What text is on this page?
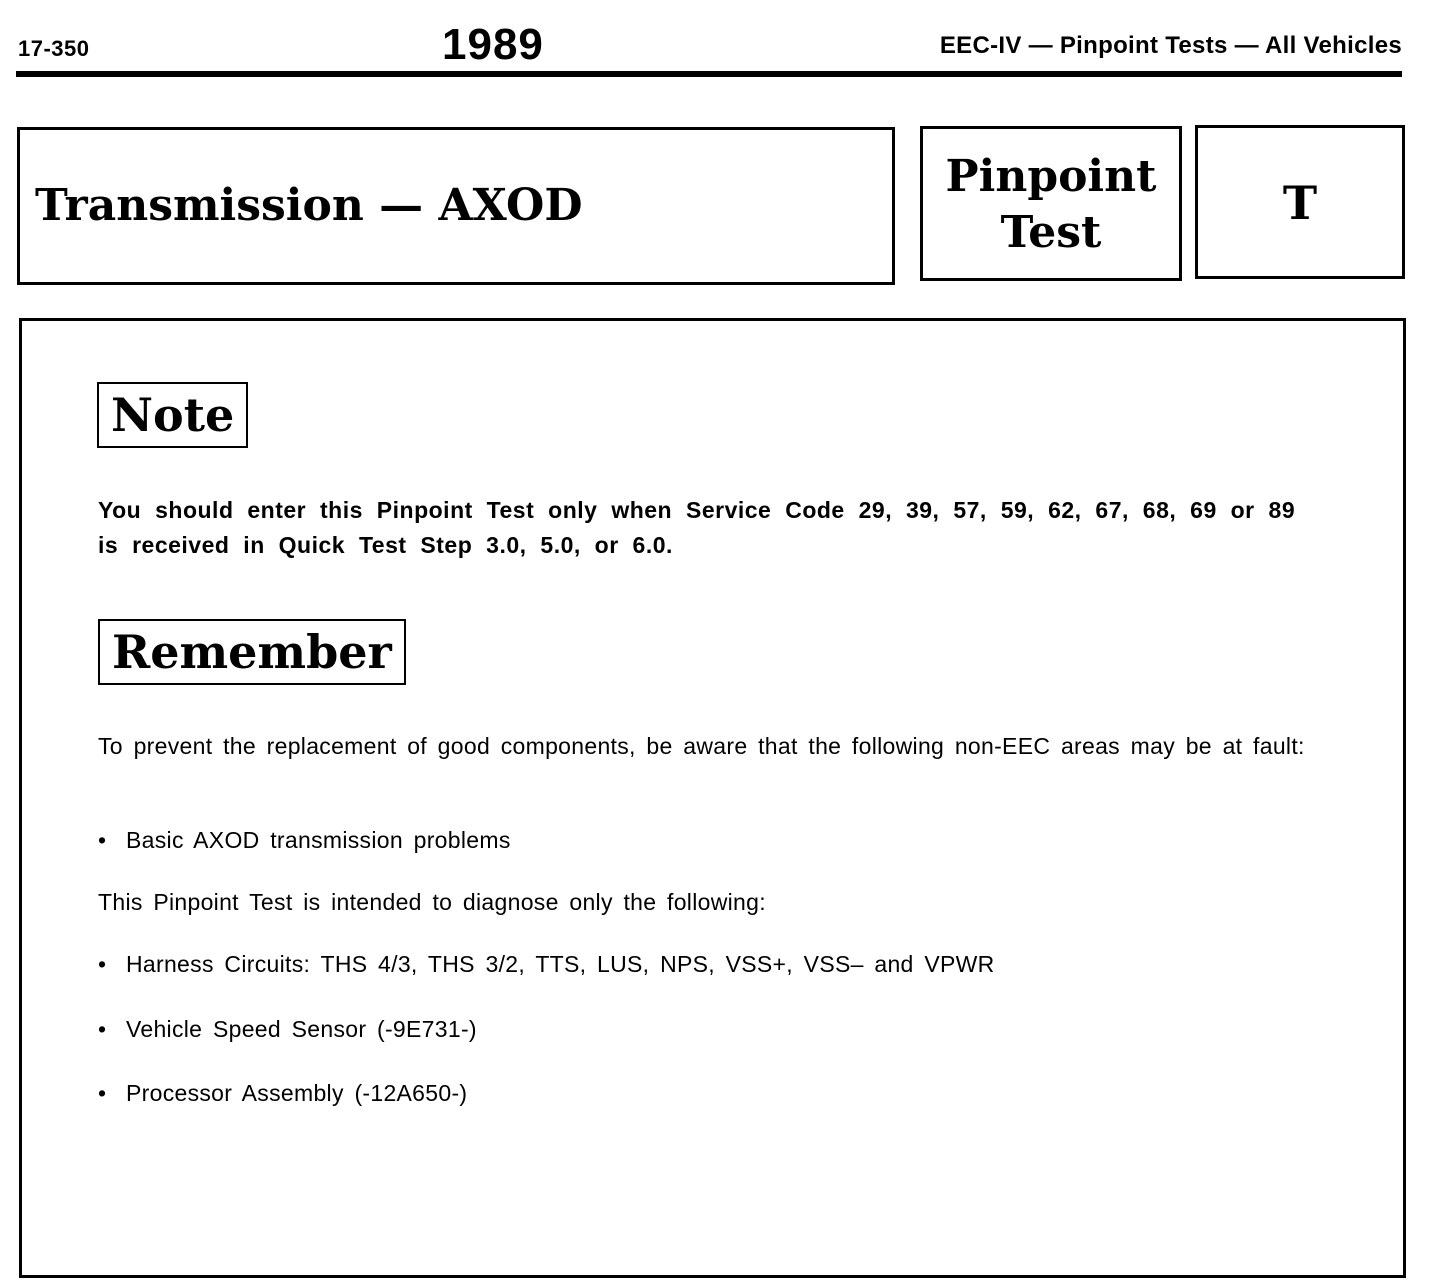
17-350	1989	EEC-IV — Pinpoint Tests — All Vehicles
Transmission — AXOD
Pinpoint
Test
T
Note
You should enter this Pinpoint Test only when Service Code 29, 39, 57, 59, 62, 67, 68, 69 or 89 is received in Quick Test Step 3.0, 5.0, or 6.0.
Remember
To prevent the replacement of good components, be aware that the following non-EEC areas may be at fault:
• Basic AXOD transmission problems
This Pinpoint Test is intended to diagnose only the following:
• Harness Circuits: THS 4/3, THS 3/2, TTS, LUS, NPS, VSS+, VSS– and VPWR
• Vehicle Speed Sensor (-9E731-)
• Processor Assembly (-12A650-)
